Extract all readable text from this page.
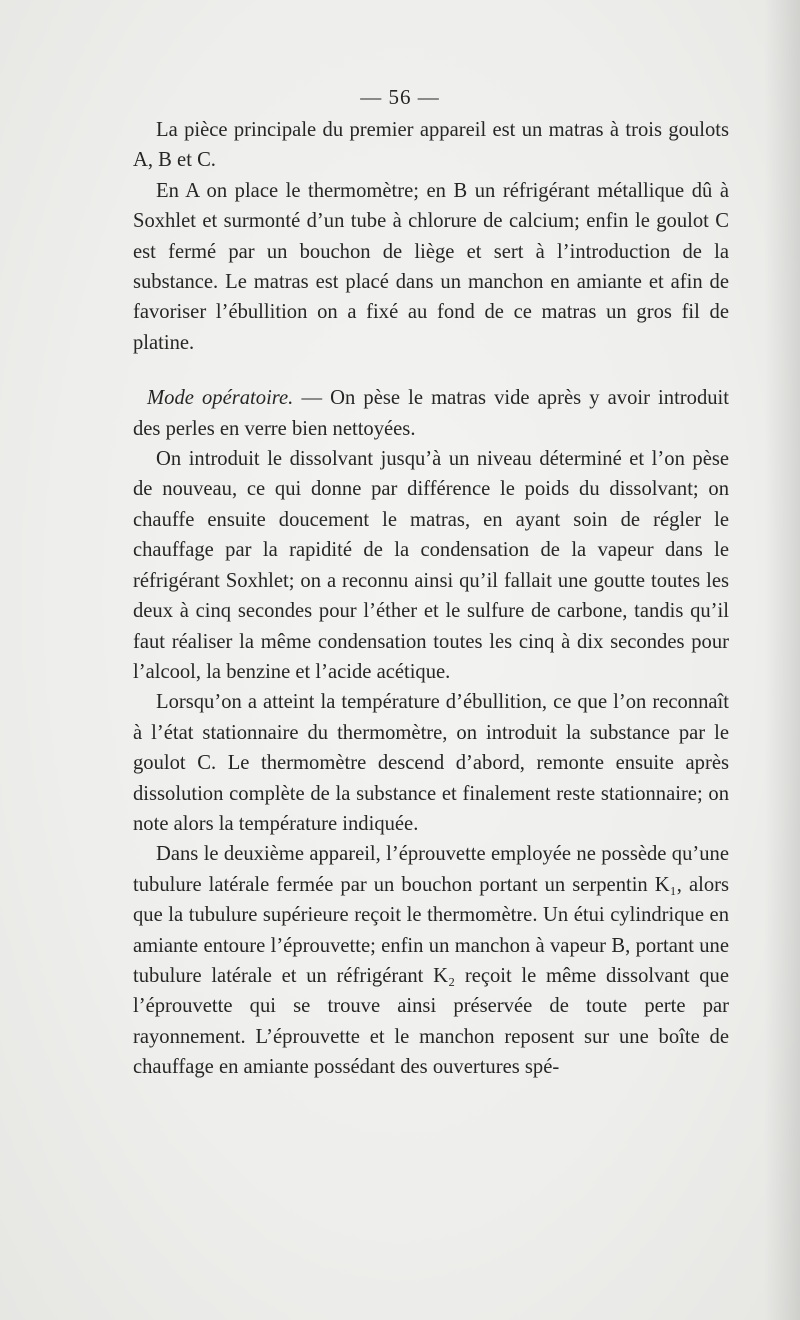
— 56 —

La pièce principale du premier appareil est un matras à trois goulots A, B et C.

En A on place le thermomètre; en B un réfrigérant métallique dû à Soxhlet et surmonté d’un tube à chlorure de calcium; enfin le goulot C est fermé par un bouchon de liège et sert à l’introduction de la substance. Le matras est placé dans un manchon en amiante et afin de favoriser l’ébullition on a fixé au fond de ce matras un gros fil de platine.

Mode opératoire. — On pèse le matras vide après y avoir introduit des perles en verre bien nettoyées.

On introduit le dissolvant jusqu’à un niveau déterminé et l’on pèse de nouveau, ce qui donne par différence le poids du dissolvant; on chauffe ensuite doucement le matras, en ayant soin de régler le chauffage par la rapidité de la condensation de la vapeur dans le réfrigérant Soxhlet; on a reconnu ainsi qu’il fallait une goutte toutes les deux à cinq secondes pour l’éther et le sulfure de carbone, tandis qu’il faut réaliser la même condensation toutes les cinq à dix secondes pour l’alcool, la benzine et l’acide acétique.

Lorsqu’on a atteint la température d’ébullition, ce que l’on reconnaît à l’état stationnaire du thermomètre, on introduit la substance par le goulot C. Le thermomètre descend d’abord, remonte ensuite après dissolution complète de la substance et finalement reste stationnaire; on note alors la température indiquée.

Dans le deuxième appareil, l’éprouvette employée ne possède qu’une tubulure latérale fermée par un bouchon portant un serpentin K₁, alors que la tubulure supérieure reçoit le thermomètre. Un étui cylindrique en amiante entoure l’éprouvette; enfin un manchon à vapeur B, portant une tubulure latérale et un réfrigérant K₂ reçoit le même dissolvant que l’éprouvette qui se trouve ainsi préservée de toute perte par rayonnement. L’éprouvette et le manchon reposent sur une boîte de chauffage en amiante possédant des ouvertures spé-
